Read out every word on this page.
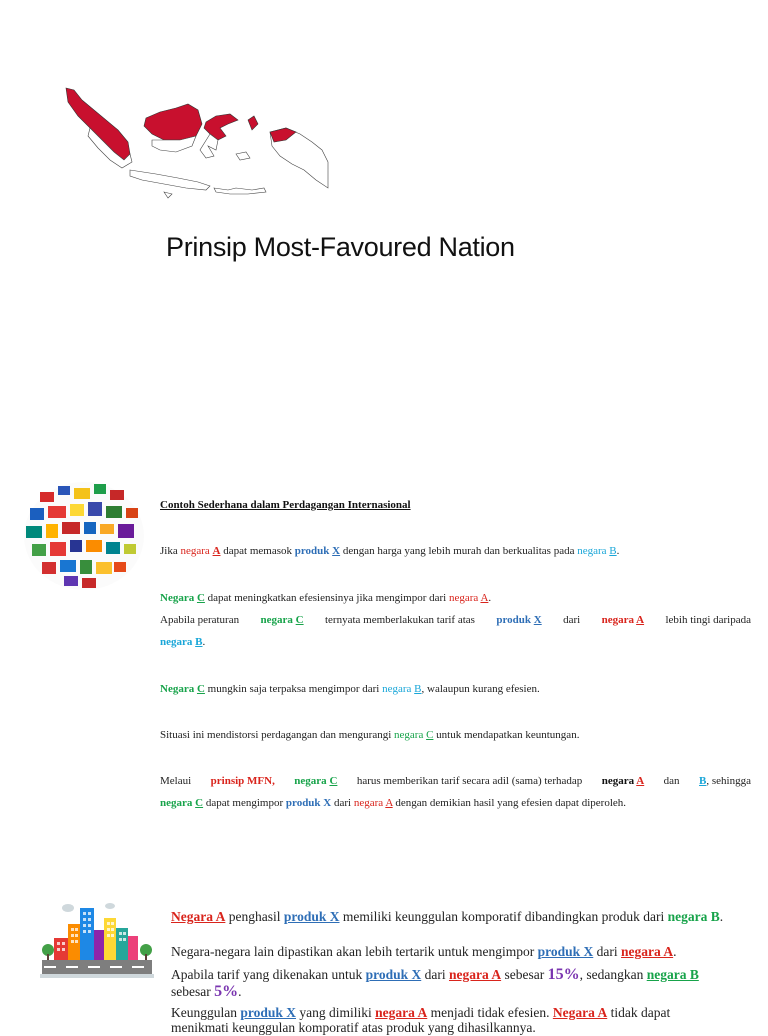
Prinsip Most-Favoured Nation
Contoh Sederhana dalam Perdagangan Internasional
Jika negara A dapat memasok produk X dengan harga yang lebih murah dan berkualitas pada negara B.
Negara C dapat meningkatkan efesiensinya jika mengimpor dari negara A.
Apabila peraturan negara C ternyata memberlakukan tarif atas produk X dari negara A lebih tingi daripada
negara B.
Negara C mungkin saja terpaksa mengimpor dari negara B, walaupun kurang efesien.
Situasi ini mendistorsi perdagangan dan mengurangi negara C untuk mendapatkan keuntungan.
Melaui prinsip MFN, negara C harus memberikan tarif secara adil (sama) terhadap negara A dan B, sehingga
negara C dapat mengimpor produk X dari negara A dengan demikian hasil yang efesien dapat diperoleh.
Negara A penghasil produk X memiliki keunggulan komporatif dibandingkan produk dari negara B.
Negara-negara lain dipastikan akan lebih tertarik untuk mengimpor produk X dari negara A.
Apabila tarif yang dikenakan untuk produk X dari negara A sebesar 15%, sedangkan negara B sebesar 5%.
Keunggulan produk X yang dimiliki negara A menjadi tidak efesien. Negara A tidak dapat
menikmati keunggulan komporatif atas produk yang dihasilkannya.
